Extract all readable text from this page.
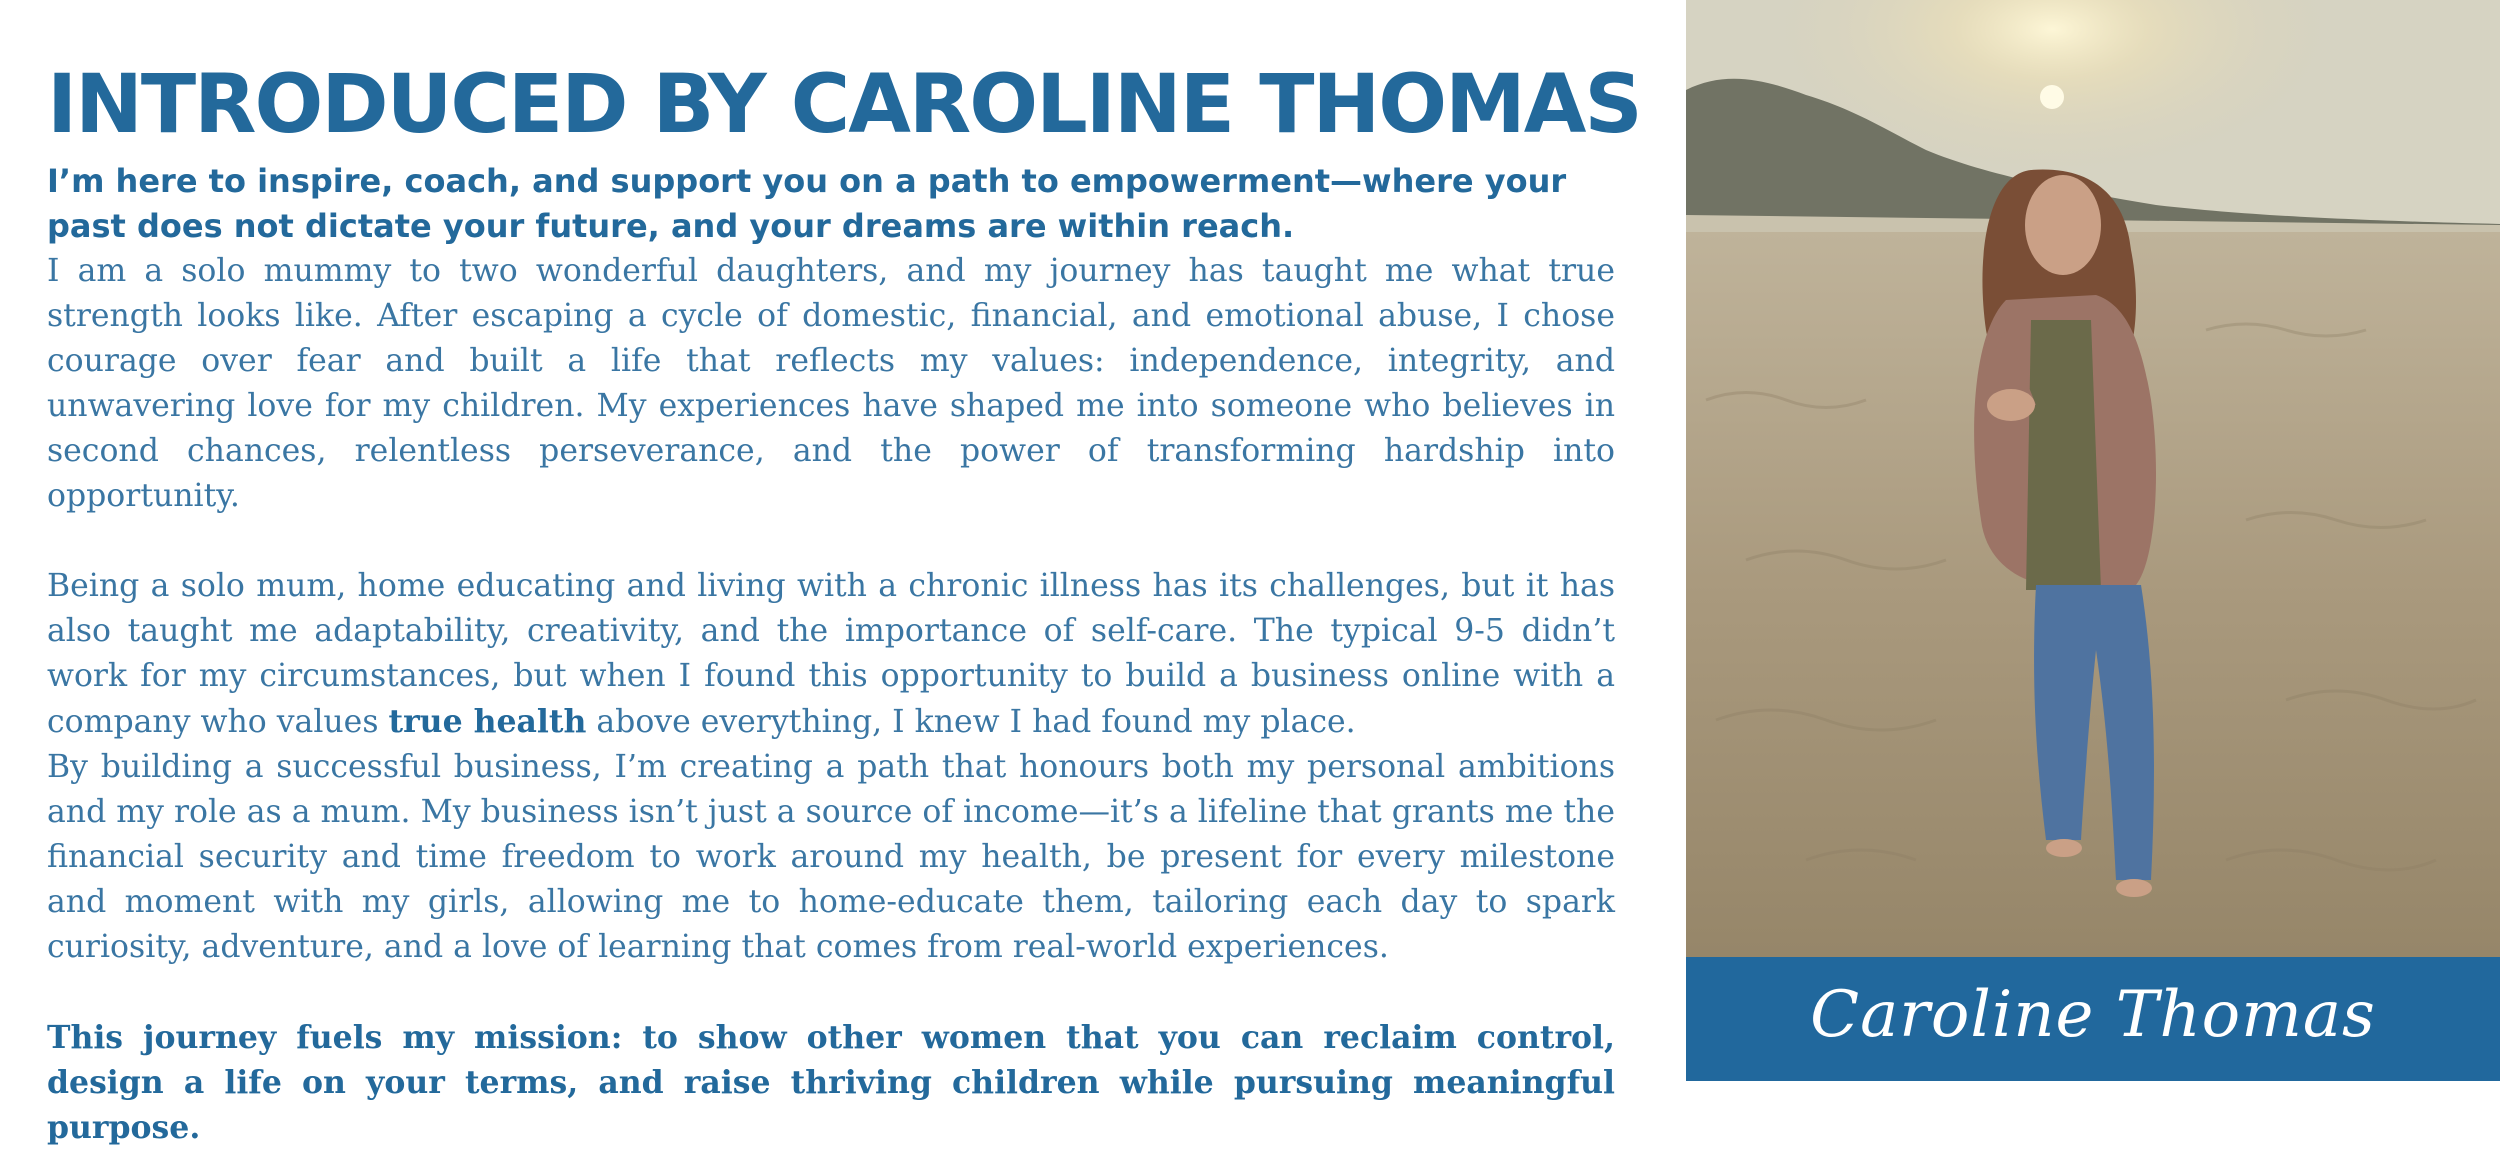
INTRODUCED BY CAROLINE THOMAS

I’m here to inspire, coach, and support you on a path to empowerment—where your past does not dictate your future, and your dreams are within reach.

I am a solo mummy to two wonderful daughters, and my journey has taught me what true strength looks like. After escaping a cycle of domestic, financial, and emotional abuse, I chose courage over fear and built a life that reflects my values: independence, integrity, and unwavering love for my children. My experiences have shaped me into someone who believes in second chances, relentless perseverance, and the power of transforming hardship into opportunity.

Being a solo mum, home educating and living with a chronic illness has its challenges, but it has also taught me adaptability, creativity, and the importance of self-care. The typical 9-5 didn’t work for my circumstances, but when I found this opportunity to build a business online with a company who values true health above everything, I knew I had found my place.

By building a successful business, I’m creating a path that honours both my personal ambitions and my role as a mum. My business isn’t just a source of income—it’s a lifeline that grants me the financial security and time freedom to work around my health, be present for every milestone and moment with my girls, allowing me to home-educate them, tailoring each day to spark curiosity, adventure, and a love of learning that comes from real-world experiences.

This journey fuels my mission: to show other women that you can reclaim control, design a life on your terms, and raise thriving children while pursuing meaningful purpose.

Caroline Thomas
